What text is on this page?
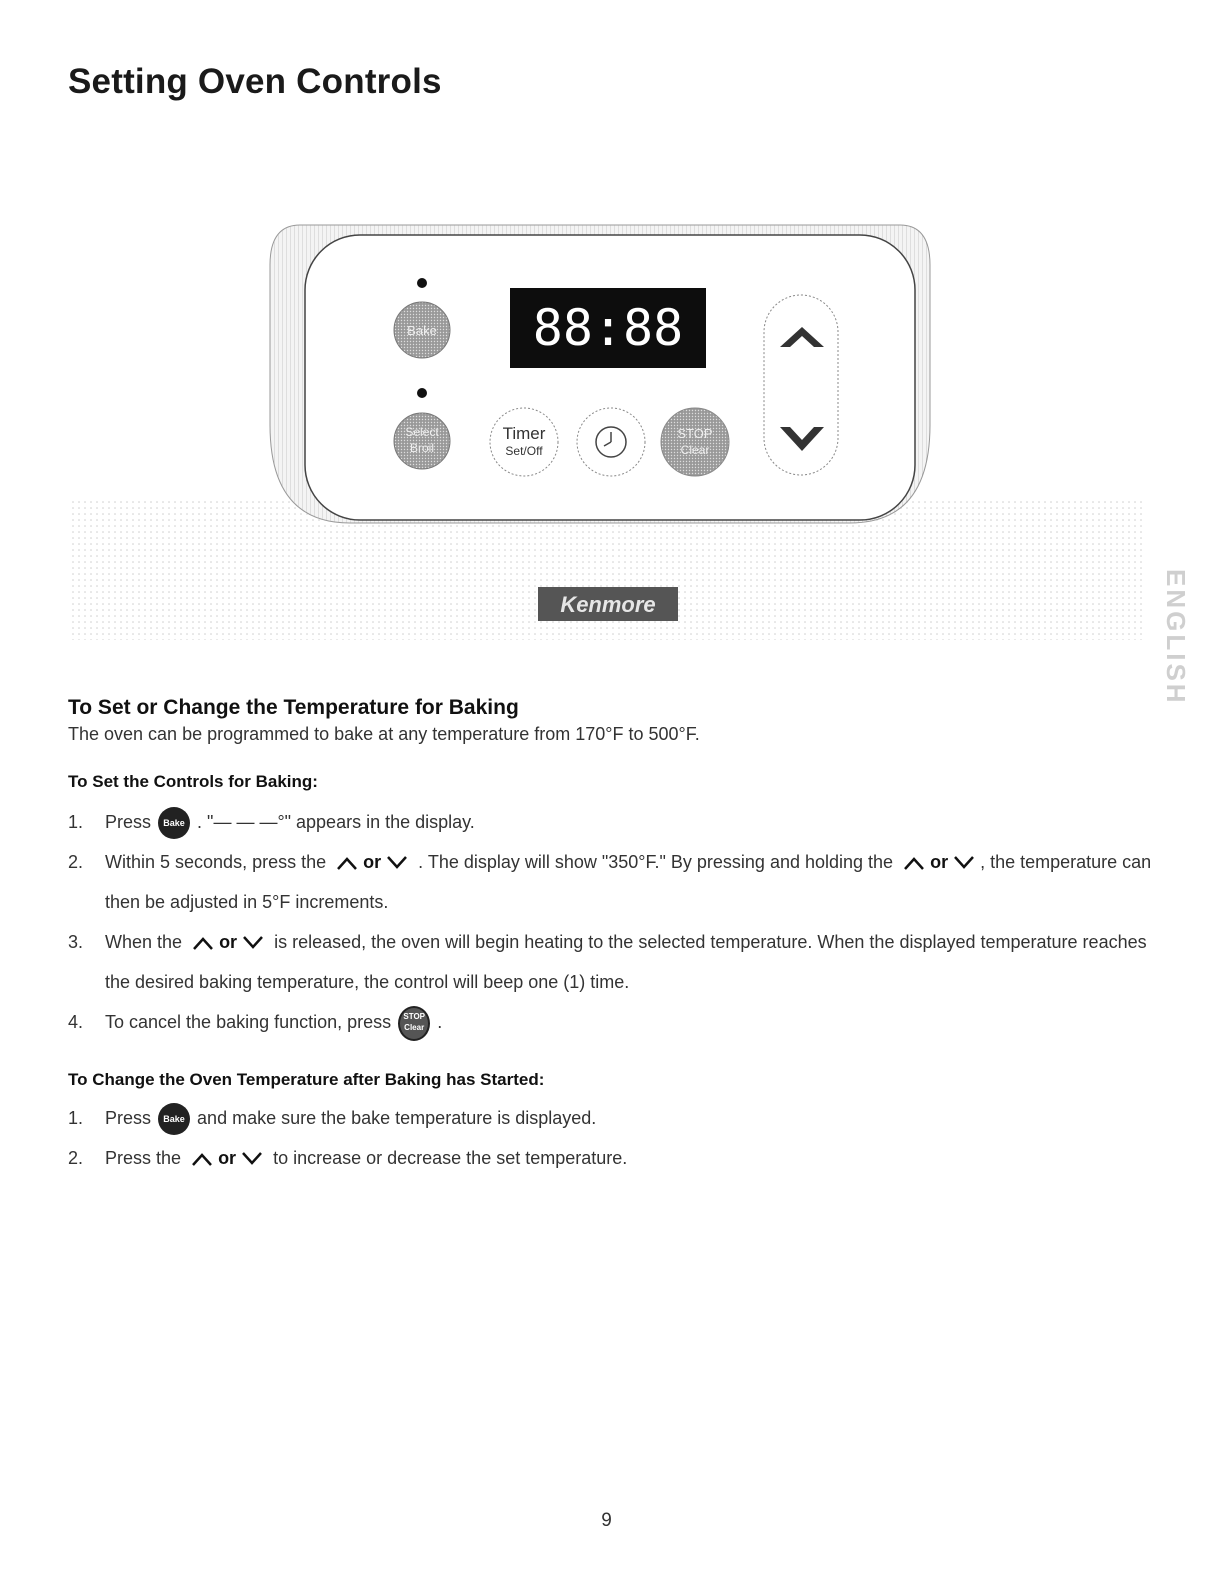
Setting Oven Controls
ENGLISH
Bake
Select
Broil
88:88
Timer
Set/Off
STOP
Clear
Kenmore
To Set or Change the Temperature for Baking

The oven can be programmed to bake at any temperature from 170°F to 500°F.

To Set the Controls for Baking:
1. Press Bake . "— — —°" appears in the display.
2. Within 5 seconds, press the or . The display will show "350°F." By pressing and holding the or , the temperature can then be adjusted in 5°F increments.
3. When the or is released, the oven will begin heating to the selected temperature. When the displayed temperature reaches the desired baking temperature, the control will beep one (1) time.
4. To cancel the baking function, press STOP
Clear .
To Change the Oven Temperature after Baking has Started:
1. Press Bake and make sure the bake temperature is displayed.
2. Press the or to increase or decrease the set temperature.
9
